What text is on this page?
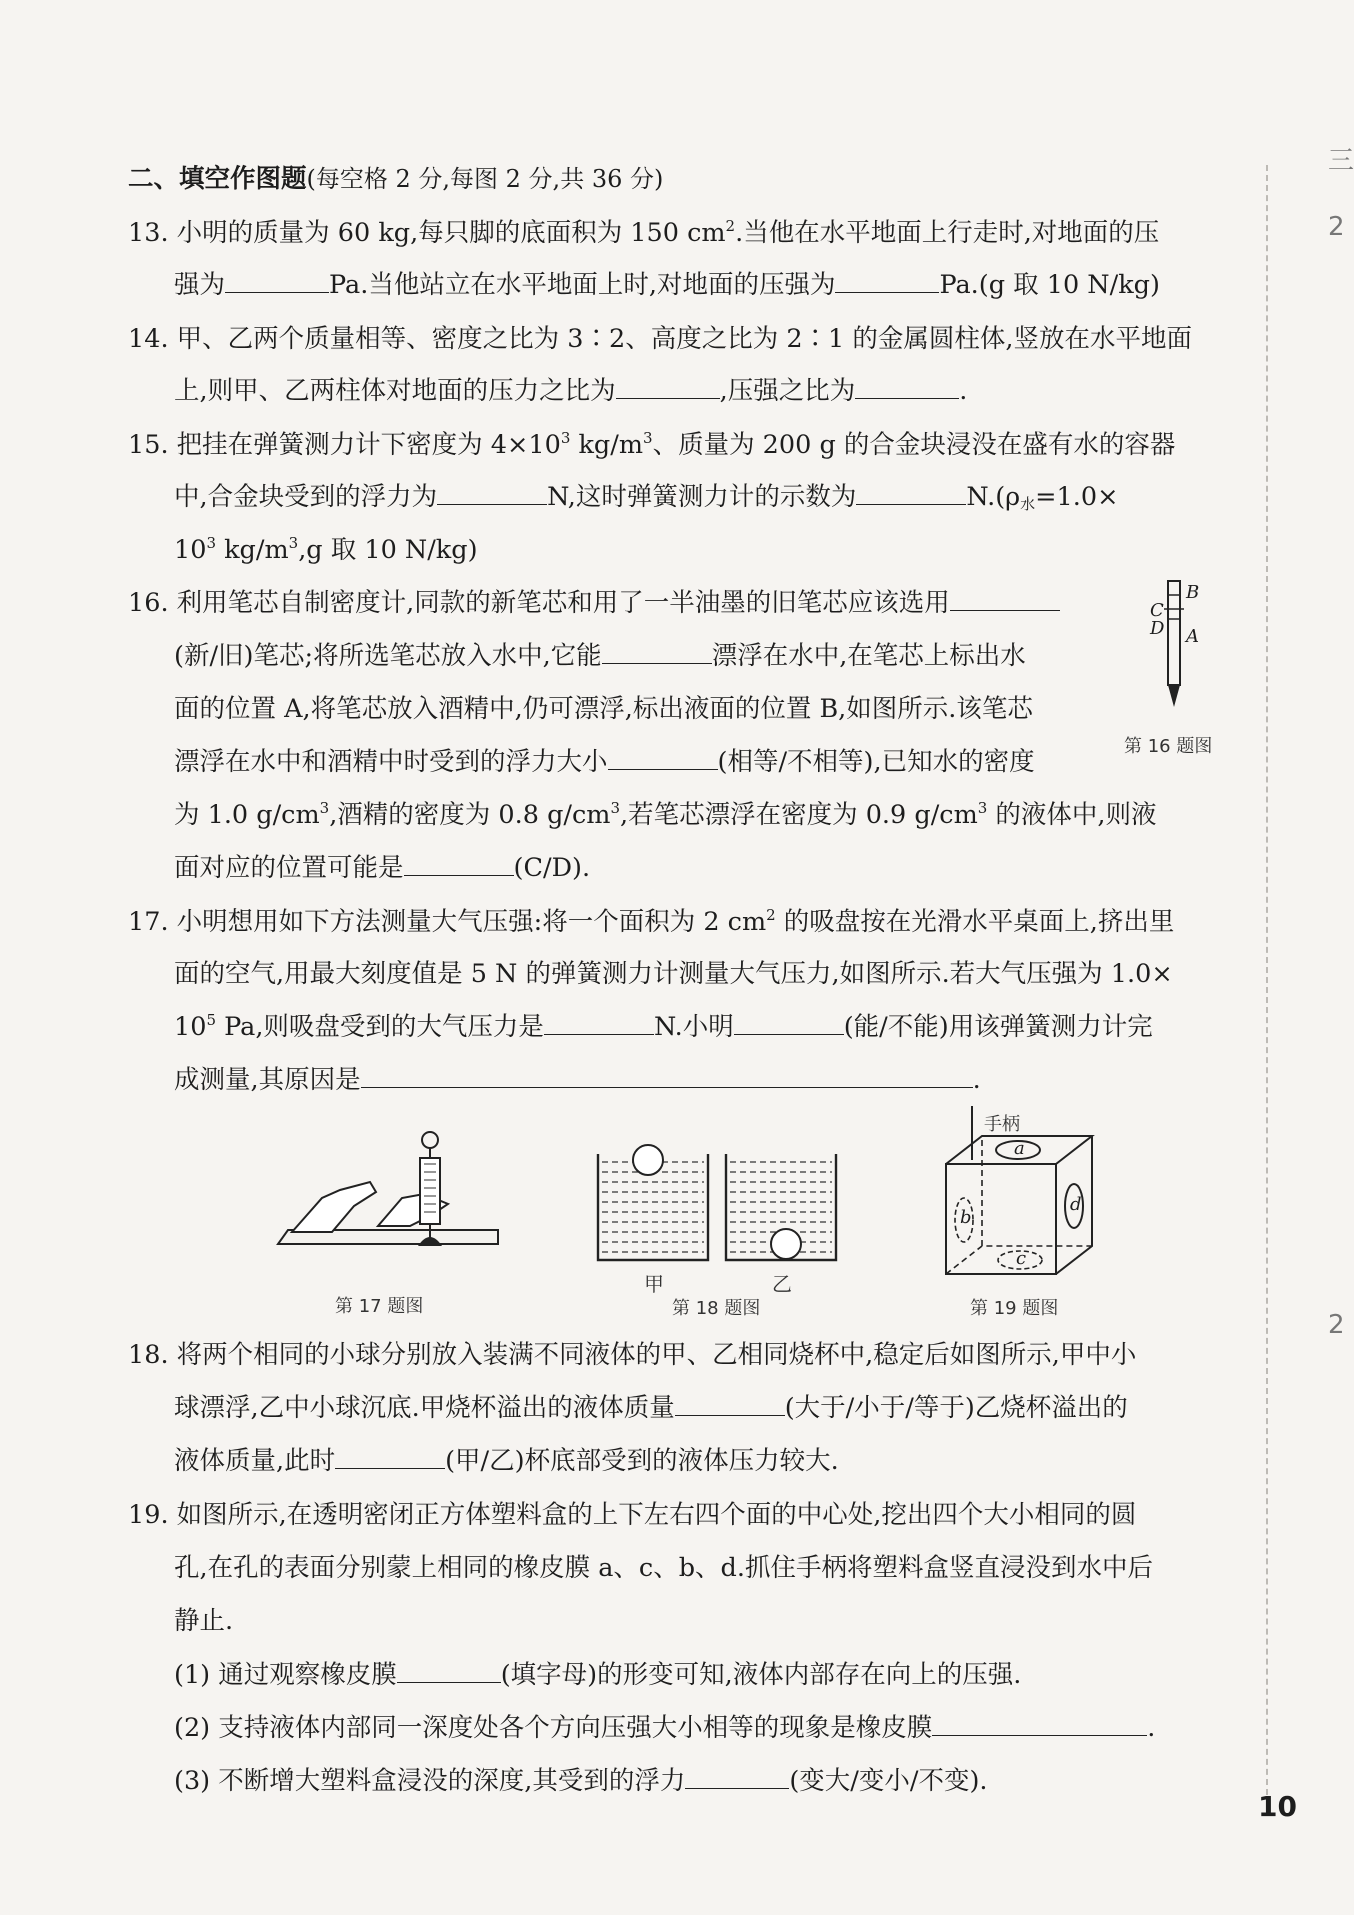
三
2
2
二、填空作图题(每空格 2 分,每图 2 分,共 36 分)
13. 小明的质量为 60 kg,每只脚的底面积为 150 $cm^2$.当他在水平地面上行走时,对地面的压
强为	Pa.当他站立在水平地面上时,对地面的压强为	Pa.(g 取 10 N/kg)
14. 甲、乙两个质量相等、密度之比为 3∶2、高度之比为 2∶1 的金属圆柱体,竖放在水平地面
上,则甲、乙两柱体对地面的压力之比为	,压强之比为	.
15. 把挂在弹簧测力计下密度为 $4\times 10^3$ $kg/m^3$、质量为 200 g 的合金块浸没在盛有水的容器
中,合金块受到的浮力为	N,这时弹簧测力计的示数为	$N.(\rho_水=1.0\times$
$10^3$ $kg/m^3,g$ 取 10 N/kg)
16. 利用笔芯自制密度计,同款的新笔芯和用了一半油墨的旧笔芯应该选用
(新/旧)笔芯;将所选笔芯放入水中,它能	漂浮在水中,在笔芯上标出水
面的位置 A,将笔芯放入酒精中,仍可漂浮,标出液面的位置 B,如图所示.该笔芯
漂浮在水中和酒精中时受到的浮力大小	(相等/不相等),已知水的密度
为 1.0 $g/cm^3$,酒精的密度为 0.8 $g/cm^3$,若笔芯漂浮在密度为 0.9 $g/cm^3$ 的液体中,则液
面对应的位置可能是	(C/D).
17. 小明想用如下方法测量大气压强:将一个面积为 2 $cm^2$ 的吸盘按在光滑水平桌面上,挤出里
面的空气,用最大刻度值是 5 N 的弹簧测力计测量大气压力,如图所示.若大气压强为 1.0×
$10^5$ Pa,则吸盘受到的大气压力是	N.小明	(能/不能)用该弹簧测力计完
成测量,其原因是	.
18. 将两个相同的小球分别放入装满不同液体的甲、乙相同烧杯中,稳定后如图所示,甲中小
球漂浮,乙中小球沉底.甲烧杯溢出的液体质量	(大于/小于/等于)乙烧杯溢出的
液体质量,此时	(甲/乙)杯底部受到的液体压力较大.
19. 如图所示,在透明密闭正方体塑料盒的上下左右四个面的中心处,挖出四个大小相同的圆
孔,在孔的表面分别蒙上相同的橡皮膜 a、c、b、d.抓住手柄将塑料盒竖直浸没到水中后
静止.
(1) 通过观察橡皮膜	(填字母)的形变可知,液体内部存在向上的压强.
(2) 支持液体内部同一深度处各个方向压强大小相等的现象是橡皮膜	.
(3) 不断增大塑料盒浸没的深度,其受到的浮力	(变大/变小/不变).
B
C
D A
第 16 题图
第 17 题图
甲	乙
第 18 题图
手柄
a
b
c
d
第 19 题图
10
